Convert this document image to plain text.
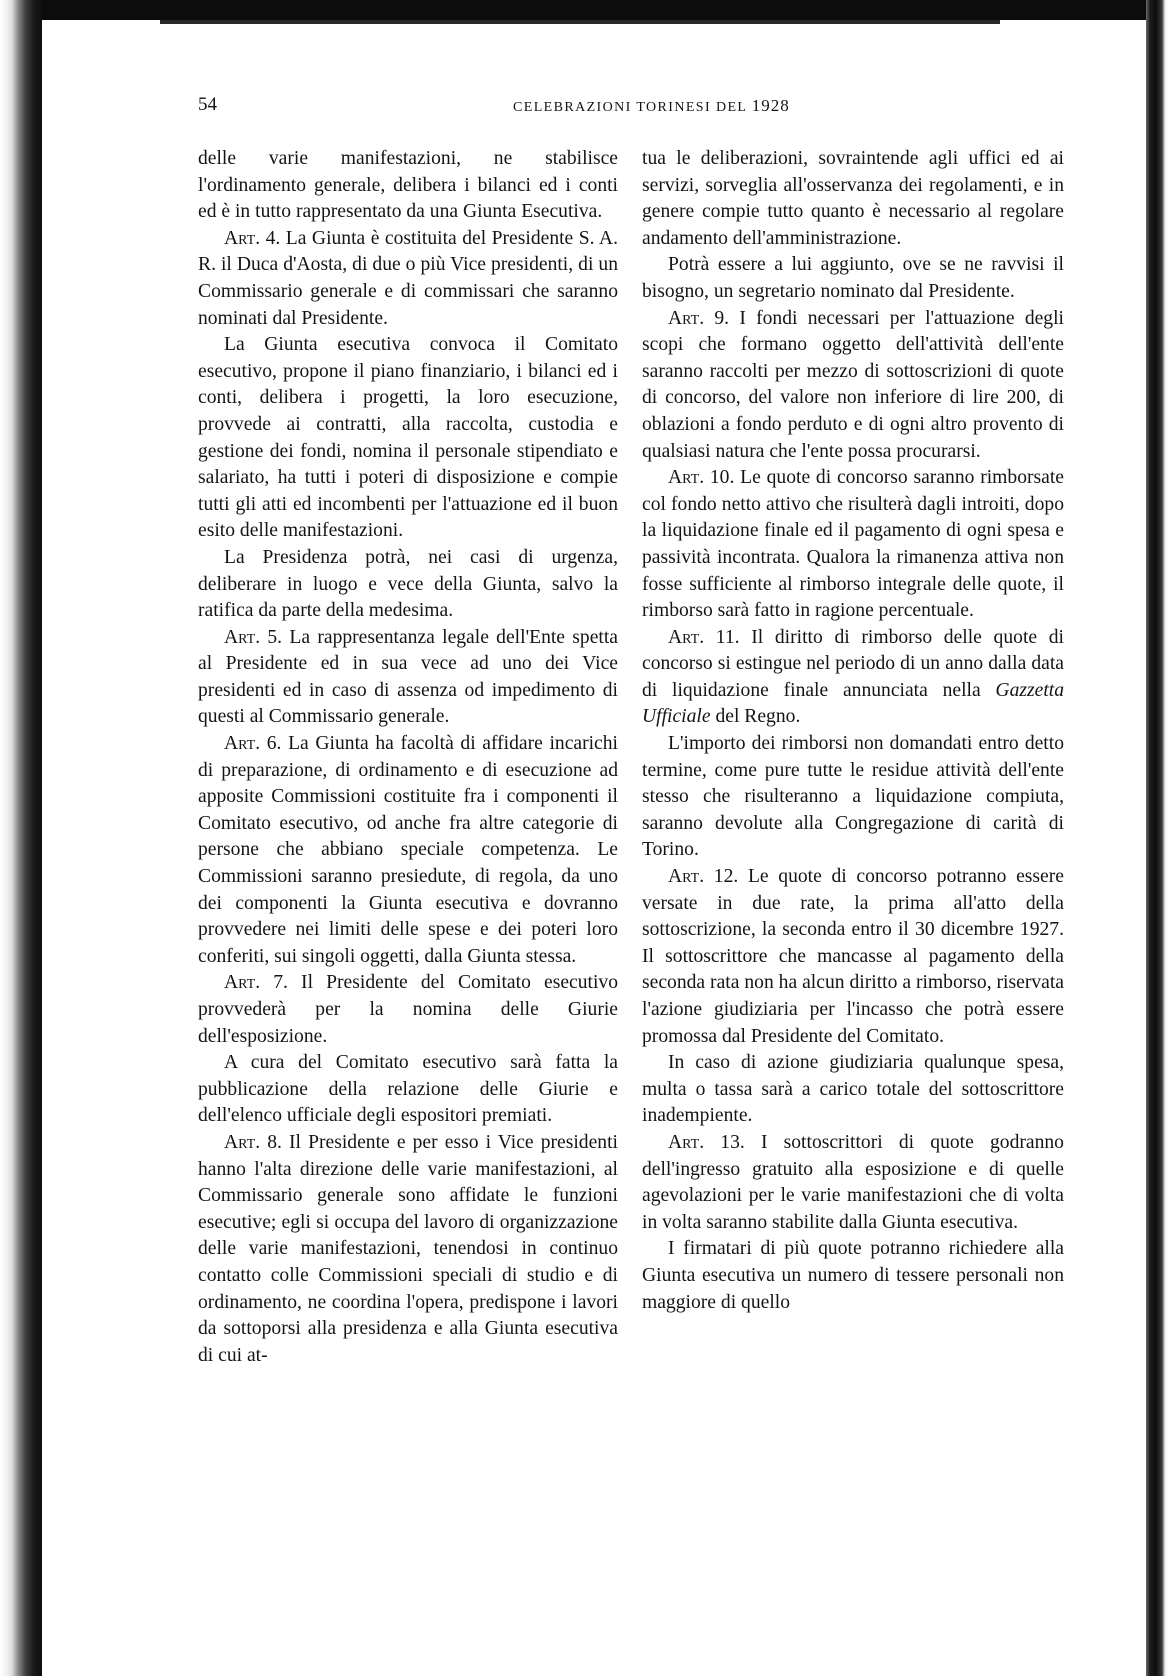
54	CELEBRAZIONI TORINESI DEL 1928

delle varie manifestazioni, ne stabilisce l'ordinamento generale, delibera i bilanci ed i conti ed è in tutto rappresentato da una Giunta Esecutiva.

Art. 4. La Giunta è costituita del Presidente S. A. R. il Duca d'Aosta, di due o più Vice presidenti, di un Commissario generale e di commissari che saranno nominati dal Presidente.

La Giunta esecutiva convoca il Comitato esecutivo, propone il piano finanziario, i bilanci ed i conti, delibera i progetti, la loro esecuzione, provvede ai contratti, alla raccolta, custodia e gestione dei fondi, nomina il personale stipendiato e salariato, ha tutti i poteri di disposizione e compie tutti gli atti ed incombenti per l'attuazione ed il buon esito delle manifestazioni.

La Presidenza potrà, nei casi di urgenza, deliberare in luogo e vece della Giunta, salvo la ratifica da parte della medesima.

Art. 5. La rappresentanza legale dell'Ente spetta al Presidente ed in sua vece ad uno dei Vice presidenti ed in caso di assenza od impedimento di questi al Commissario generale.

Art. 6. La Giunta ha facoltà di affidare incarichi di preparazione, di ordinamento e di esecuzione ad apposite Commissioni costituite fra i componenti il Comitato esecutivo, od anche fra altre categorie di persone che abbiano speciale competenza. Le Commissioni saranno presiedute, di regola, da uno dei componenti la Giunta esecutiva e dovranno provvedere nei limiti delle spese e dei poteri loro conferiti, sui singoli oggetti, dalla Giunta stessa.

Art. 7. Il Presidente del Comitato esecutivo provvederà per la nomina delle Giurie dell'esposizione.

A cura del Comitato esecutivo sarà fatta la pubblicazione della relazione delle Giurie e dell'elenco ufficiale degli espositori premiati.

Art. 8. Il Presidente e per esso i Vice presidenti hanno l'alta direzione delle varie manifestazioni, al Commissario generale sono affidate le funzioni esecutive; egli si occupa del lavoro di organizzazione delle varie manifestazioni, tenendosi in continuo contatto colle Commissioni speciali di studio e di ordinamento, ne coordina l'opera, predispone i lavori da sottoporsi alla presidenza e alla Giunta esecutiva di cui at-

tua le deliberazioni, sovraintende agli uffici ed ai servizi, sorveglia all'osservanza dei regolamenti, e in genere compie tutto quanto è necessario al regolare andamento dell'amministrazione.

Potrà essere a lui aggiunto, ove se ne ravvisi il bisogno, un segretario nominato dal Presidente.

Art. 9. I fondi necessari per l'attuazione degli scopi che formano oggetto dell'attività dell'ente saranno raccolti per mezzo di sottoscrizioni di quote di concorso, del valore non inferiore di lire 200, di oblazioni a fondo perduto e di ogni altro provento di qualsiasi natura che l'ente possa procurarsi.

Art. 10. Le quote di concorso saranno rimborsate col fondo netto attivo che risulterà dagli introiti, dopo la liquidazione finale ed il pagamento di ogni spesa e passività incontrata. Qualora la rimanenza attiva non fosse sufficiente al rimborso integrale delle quote, il rimborso sarà fatto in ragione percentuale.

Art. 11. Il diritto di rimborso delle quote di concorso si estingue nel periodo di un anno dalla data di liquidazione finale annunciata nella Gazzetta Ufficiale del Regno.

L'importo dei rimborsi non domandati entro detto termine, come pure tutte le residue attività dell'ente stesso che risulteranno a liquidazione compiuta, saranno devolute alla Congregazione di carità di Torino.

Art. 12. Le quote di concorso potranno essere versate in due rate, la prima all'atto della sottoscrizione, la seconda entro il 30 dicembre 1927. Il sottoscrittore che mancasse al pagamento della seconda rata non ha alcun diritto a rimborso, riservata l'azione giudiziaria per l'incasso che potrà essere promossa dal Presidente del Comitato.

In caso di azione giudiziaria qualunque spesa, multa o tassa sarà a carico totale del sottoscrittore inadempiente.

Art. 13. I sottoscrittori di quote godranno dell'ingresso gratuito alla esposizione e di quelle agevolazioni per le varie manifestazioni che di volta in volta saranno stabilite dalla Giunta esecutiva.

I firmatari di più quote potranno richiedere alla Giunta esecutiva un numero di tessere personali non maggiore di quello
